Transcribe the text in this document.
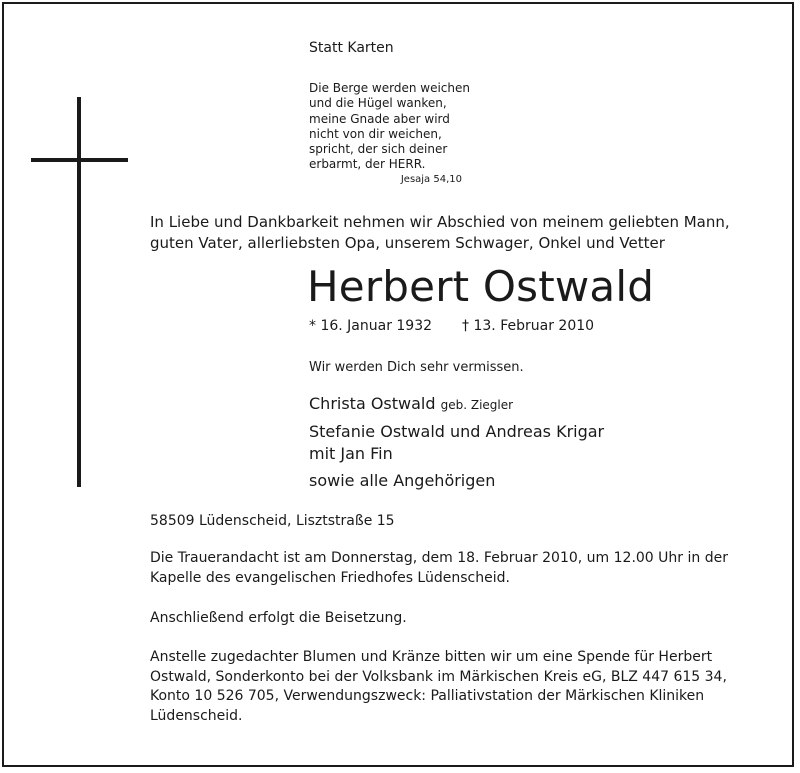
Statt Karten
Die Berge werden weichen
und die Hügel wanken,
meine Gnade aber wird
nicht von dir weichen,
spricht, der sich deiner
erbarmt, der HERR.
Jesaja 54,10
In Liebe und Dankbarkeit nehmen wir Abschied von meinem geliebten Mann,
guten Vater, allerliebsten Opa, unserem Schwager, Onkel und Vetter
Herbert Ostwald
* 16. Januar 1932 † 13. Februar 2010
Wir werden Dich sehr vermissen.
Christa Ostwald geb. Ziegler
Stefanie Ostwald und Andreas Krigar
mit Jan Fin
sowie alle Angehörigen
58509 Lüdenscheid, Lisztstraße 15
Die Trauerandacht ist am Donnerstag, dem 18. Februar 2010, um 12.00 Uhr in der
Kapelle des evangelischen Friedhofes Lüdenscheid.
Anschließend erfolgt die Beisetzung.
Anstelle zugedachter Blumen und Kränze bitten wir um eine Spende für Herbert
Ostwald, Sonderkonto bei der Volksbank im Märkischen Kreis eG, BLZ 447 615 34,
Konto 10 526 705, Verwendungszweck: Palliativstation der Märkischen Kliniken
Lüdenscheid.
